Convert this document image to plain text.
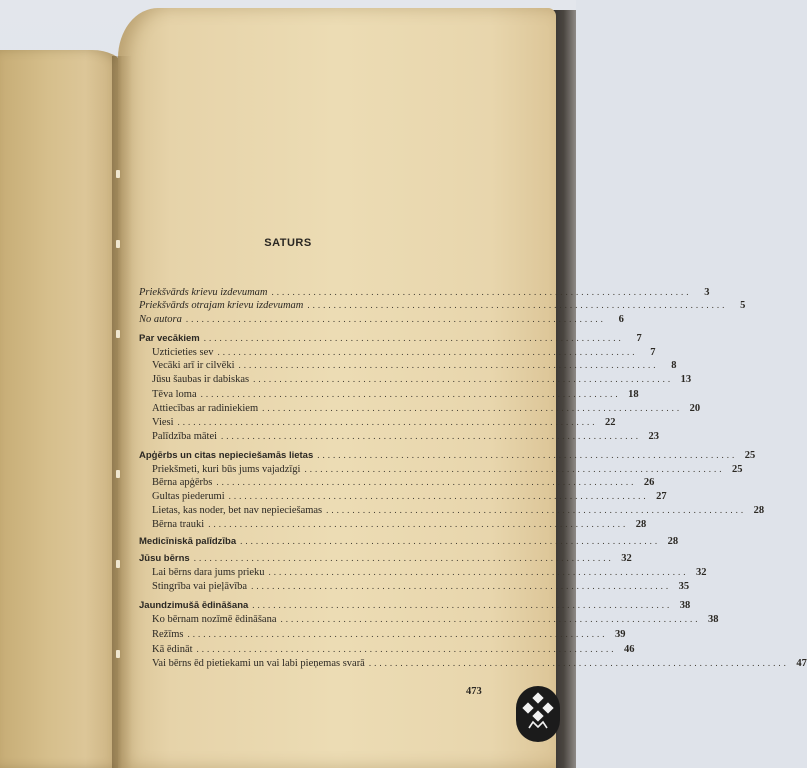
SATURS
Priekšvārds krievu izdevumam ................................................................................	3
Priekšvārds otrajam krievu izdevumam ................................................................................	5
No autora ................................................................................	6
Par vecākiem ................................................................................	7
Uzticieties sev ................................................................................	7
Vecāki arī ir cilvēki ................................................................................	8
Jūsu šaubas ir dabiskas ................................................................................ 13
Tēva loma ................................................................................ 18
Attiecības ar radiniekiem ................................................................................ 20
Viesi ................................................................................ 22
Palīdzība mātei ................................................................................ 23
Apģērbs un citas nepieciešamās lietas ................................................................................ 25
Priekšmeti, kuri būs jums vajadzīgi ................................................................................ 25
Bērna apģērbs ................................................................................ 26
Gultas piederumi ................................................................................ 27
Lietas, kas noder, bet nav nepieciešamas ................................................................................ 28
Bērna trauki ................................................................................ 28
Medicīniskā palīdzība ................................................................................ 28
Jūsu bērns ................................................................................ 32
Lai bērns dara jums prieku ................................................................................ 32
Stingrība vai pieļāvība ................................................................................ 35
Jaundzimušā ēdināšana ................................................................................ 38
Ko bērnam nozīmē ēdināšana ................................................................................ 38
Režīms ................................................................................ 39
Kā ēdināt ................................................................................ 46
Vai bērns ēd pietiekami un vai labi pieņemas svarā ................................................................................ 47
473
